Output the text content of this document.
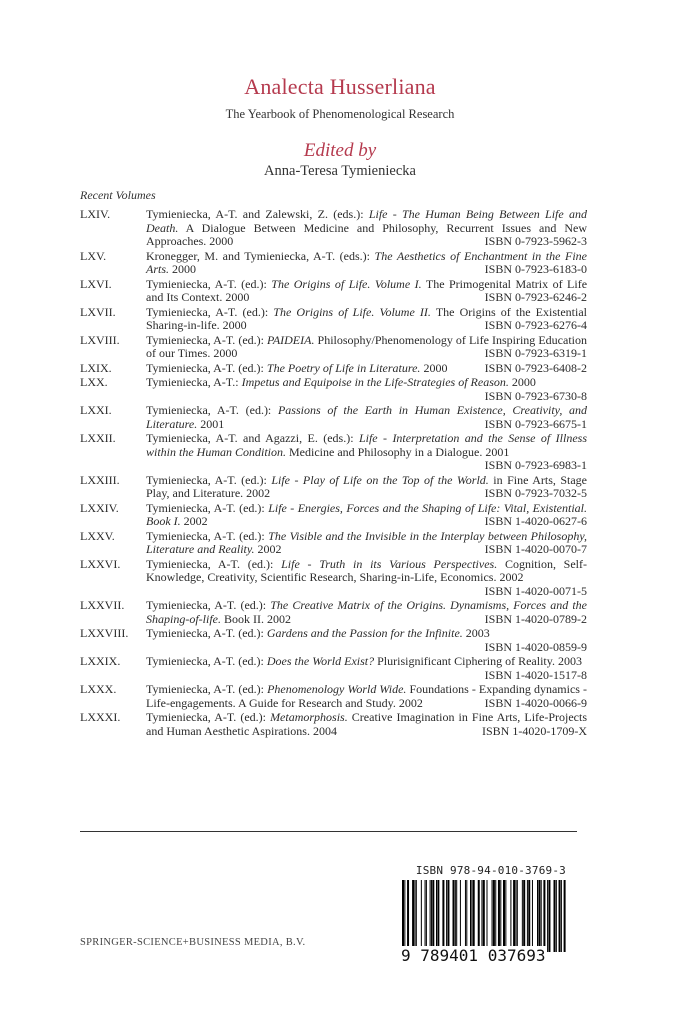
Analecta Husserliana
The Yearbook of Phenomenological Research
Edited by
Anna-Teresa Tymieniecka
Recent Volumes
LXIV.	Tymieniecka, A-T. and Zalewski, Z. (eds.): Life - The Human Being Between Life and Death. A Dialogue Between Medicine and Philosophy, Recurrent Issues and New Approaches. 2000	ISBN 0-7923-5962-3
LXV.	Kronegger, M. and Tymieniecka, A-T. (eds.): The Aesthetics of Enchantment in the Fine Arts. 2000	ISBN 0-7923-6183-0
LXVI.	Tymieniecka, A-T. (ed.): The Origins of Life. Volume I. The Primogenital Matrix of Life and Its Context. 2000	ISBN 0-7923-6246-2
LXVII.	Tymieniecka, A-T. (ed.): The Origins of Life. Volume II. The Origins of the Existential Sharing-in-life. 2000	ISBN 0-7923-6276-4
LXVIII.	Tymieniecka, A-T. (ed.): PAIDEIA. Philosophy/Phenomenology of Life Inspiring Education of our Times. 2000	ISBN 0-7923-6319-1
LXIX.	Tymieniecka, A-T. (ed.): The Poetry of Life in Literature. 2000	ISBN 0-7923-6408-2
LXX.	Tymieniecka, A-T.: Impetus and Equipoise in the Life-Strategies of Reason. 2000
ISBN 0-7923-6730-8
LXXI.	Tymieniecka, A-T. (ed.): Passions of the Earth in Human Existence, Creativity, and Literature. 2001	ISBN 0-7923-6675-1
LXXII.	Tymieniecka, A-T. and Agazzi, E. (eds.): Life - Interpretation and the Sense of Illness within the Human Condition. Medicine and Philosophy in a Dialogue. 2001
ISBN 0-7923-6983-1
LXXIII.	Tymieniecka, A-T. (ed.): Life - Play of Life on the Top of the World. in Fine Arts, Stage Play, and Literature. 2002	ISBN 0-7923-7032-5
LXXIV.	Tymieniecka, A-T. (ed.): Life - Energies, Forces and the Shaping of Life: Vital, Existential. Book I. 2002	ISBN 1-4020-0627-6
LXXV.	Tymieniecka, A-T. (ed.): The Visible and the Invisible in the Interplay between Philosophy, Literature and Reality. 2002	ISBN 1-4020-0070-7
LXXVI.	Tymieniecka, A-T. (ed.): Life - Truth in its Various Perspectives. Cognition, Self-Knowledge, Creativity, Scientific Research, Sharing-in-Life, Economics. 2002
ISBN 1-4020-0071-5
LXXVII.	Tymieniecka, A-T. (ed.): The Creative Matrix of the Origins. Dynamisms, Forces and the Shaping-of-life. Book II. 2002	ISBN 1-4020-0789-2
LXXVIII.	Tymieniecka, A-T. (ed.): Gardens and the Passion for the Infinite. 2003
ISBN 1-4020-0859-9
LXXIX.	Tymieniecka, A-T. (ed.): Does the World Exist? Plurisignificant Ciphering of Reality. 2003
ISBN 1-4020-1517-8
LXXX.	Tymieniecka, A-T. (ed.): Phenomenology World Wide. Foundations - Expanding dynamics - Life-engagements. A Guide for Research and Study. 2002	ISBN 1-4020-0066-9
LXXXI.	Tymieniecka, A-T. (ed.): Metamorphosis. Creative Imagination in Fine Arts, Life-Projects and Human Aesthetic Aspirations. 2004	ISBN 1-4020-1709-X
SPRINGER-SCIENCE+BUSINESS MEDIA, B.V.
ISBN 978-94-010-3769-3
9 789401 037693
